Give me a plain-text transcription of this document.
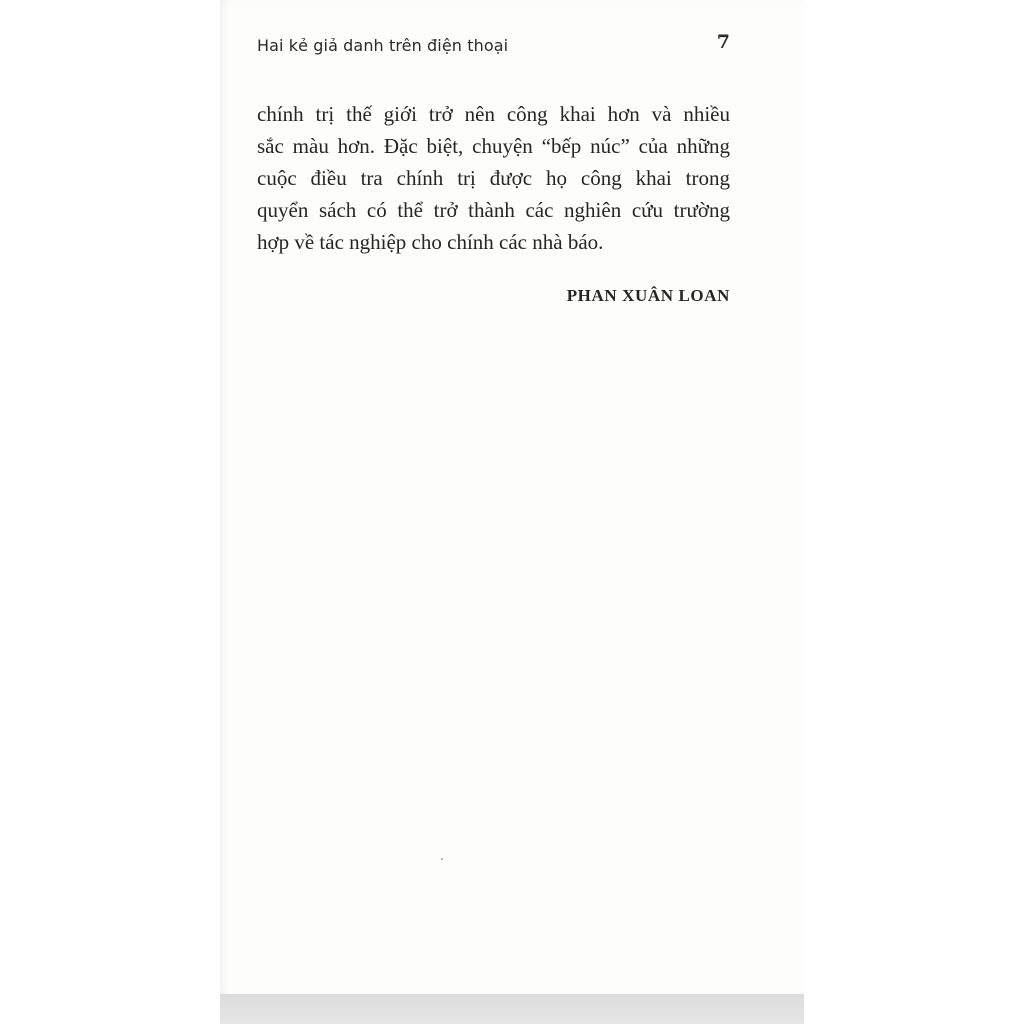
Hai kẻ giả danh trên điện thoại	7

chính trị thế giới trở nên công khai hơn và nhiều
sắc màu hơn. Đặc biệt, chuyện “bếp núc” của những
cuộc điều tra chính trị được họ công khai trong
quyển sách có thể trở thành các nghiên cứu trường
hợp về tác nghiệp cho chính các nhà báo.

PHAN XUÂN LOAN
